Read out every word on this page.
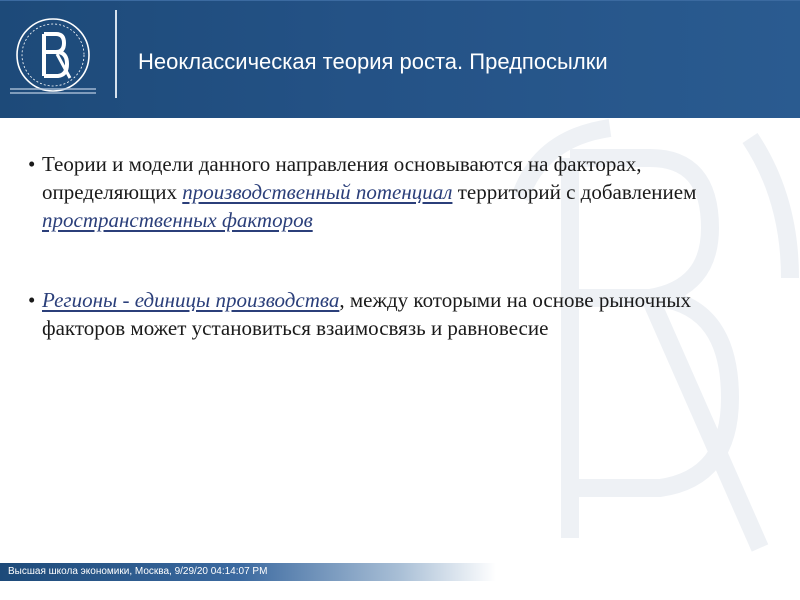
Неоклассическая теория роста. Предпосылки
• Теории и модели данного направления основываются на факторах, определяющих производственный потенциал территорий с добавлением пространственных факторов
• Регионы - единицы производства, между которыми на основе рыночных факторов может установиться взаимосвязь и равновесие
Высшая школа экономики, Москва, 9/29/20 04:14:07 PM
